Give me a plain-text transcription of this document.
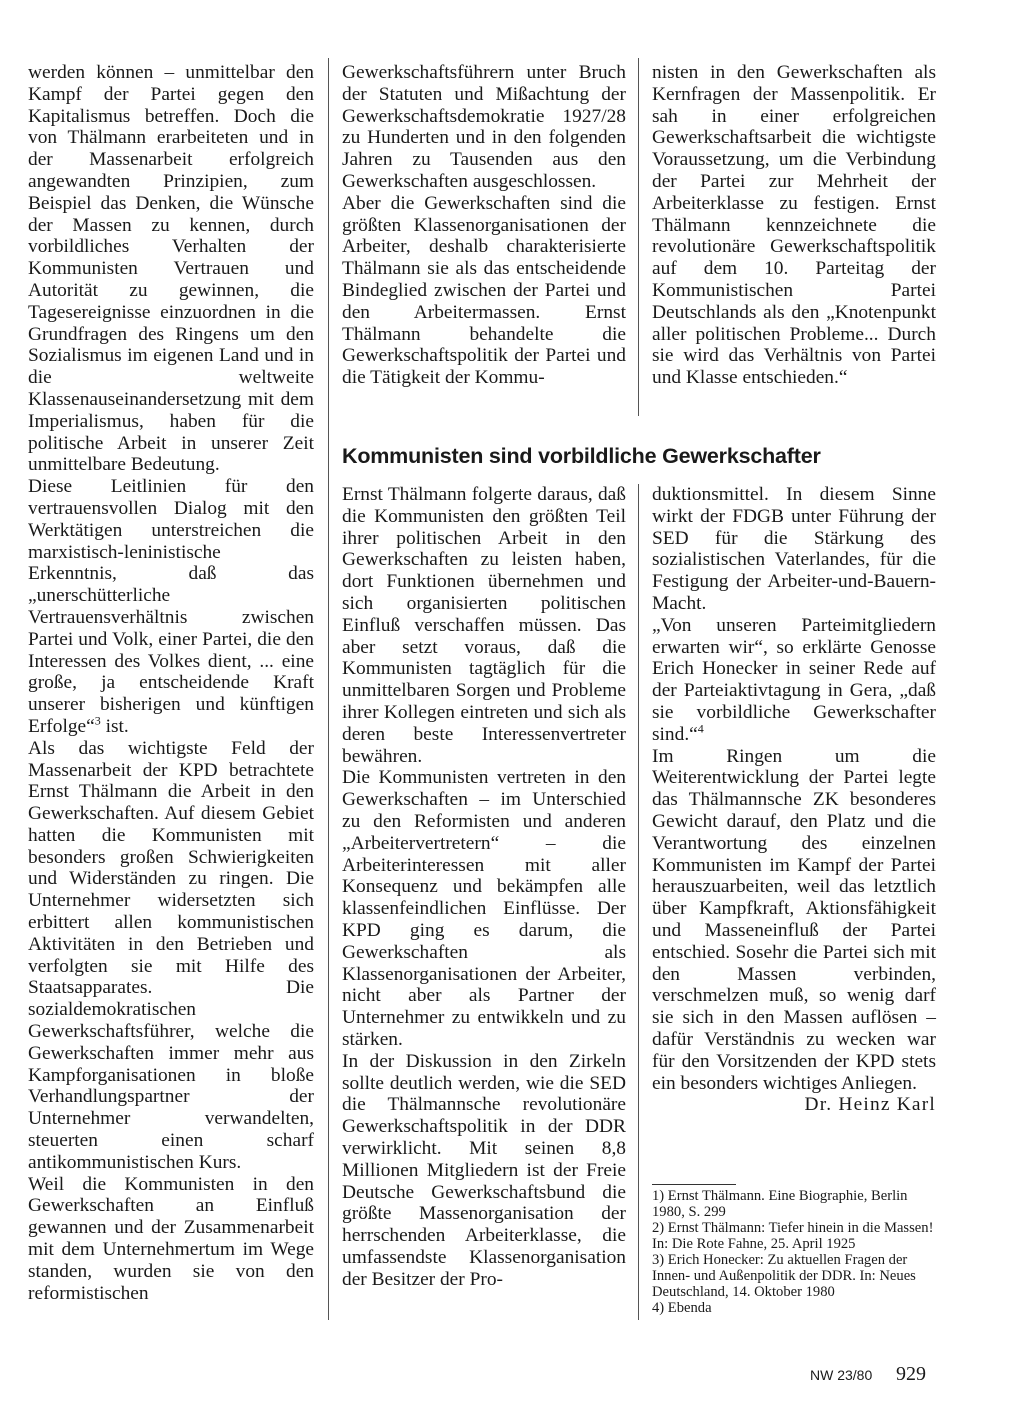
werden können – unmittelbar den Kampf der Partei gegen den Kapitalismus betreffen. Doch die von Thälmann erarbeiteten und in der Massenarbeit erfolgreich angewandten Prinzipien, zum Beispiel das Denken, die Wünsche der Massen zu kennen, durch vorbildliches Verhalten der Kommunisten Vertrauen und Autorität zu gewinnen, die Tagesereignisse einzuordnen in die Grundfragen des Ringens um den Sozialismus im eigenen Land und in die weltweite Klassenauseinandersetzung mit dem Imperialismus, haben für die politische Arbeit in unserer Zeit unmittelbare Bedeutung.

Diese Leitlinien für den vertrauensvollen Dialog mit den Werktätigen unterstreichen die marxistisch-leninistische Erkenntnis, daß das „unerschütterliche Vertrauensverhältnis zwischen Partei und Volk, einer Partei, die den Interessen des Volkes dient, ... eine große, ja entscheidende Kraft unserer bisherigen und künftigen Erfolge“$^3$ ist.

Als das wichtigste Feld der Massenarbeit der KPD betrachtete Ernst Thälmann die Arbeit in den Gewerkschaften. Auf diesem Gebiet hatten die Kommunisten mit besonders großen Schwierigkeiten und Widerständen zu ringen. Die Unternehmer widersetzten sich erbittert allen kommunistischen Aktivitäten in den Betrieben und verfolgten sie mit Hilfe des Staatsapparates. Die sozialdemokratischen Gewerkschaftsführer, welche die Gewerkschaften immer mehr aus Kampforganisationen in bloße Verhandlungspartner der Unternehmer verwandelten, steuerten einen scharf antikommunistischen Kurs.

Weil die Kommunisten in den Gewerkschaften an Einfluß gewannen und der Zusammenarbeit mit dem Unternehmertum im Wege standen, wurden sie von den reformistischen

Gewerkschaftsführern unter Bruch der Statuten und Mißachtung der Gewerkschaftsdemokratie 1927/28 zu Hunderten und in den folgenden Jahren zu Tausenden aus den Gewerkschaften ausgeschlossen.

Aber die Gewerkschaften sind die größten Klassenorganisationen der Arbeiter, deshalb charakterisierte Thälmann sie als das entscheidende Bindeglied zwischen der Partei und den Arbeitermassen. Ernst Thälmann behandelte die Gewerkschaftspolitik der Partei und die Tätigkeit der Kommu-

nisten in den Gewerkschaften als Kernfragen der Massenpolitik. Er sah in einer erfolgreichen Gewerkschaftsarbeit die wichtigste Voraussetzung, um die Verbindung der Partei zur Mehrheit der Arbeiterklasse zu festigen. Ernst Thälmann kennzeichnete die revolutionäre Gewerkschaftspolitik auf dem 10. Parteitag der Kommunistischen Partei Deutschlands als den „Knotenpunkt aller politischen Probleme... Durch sie wird das Verhältnis von Partei und Klasse entschieden.“

Kommunisten sind vorbildliche Gewerkschafter

Ernst Thälmann folgerte daraus, daß die Kommunisten den größten Teil ihrer politischen Arbeit in den Gewerkschaften zu leisten haben, dort Funktionen übernehmen und sich organisierten politischen Einfluß verschaffen müssen. Das aber setzt voraus, daß die Kommunisten tagtäglich für die unmittelbaren Sorgen und Probleme ihrer Kollegen eintreten und sich als deren beste Interessenvertreter bewähren.

Die Kommunisten vertreten in den Gewerkschaften – im Unterschied zu den Reformisten und anderen „Arbeitervertretern“ – die Arbeiterinteressen mit aller Konsequenz und bekämpfen alle klassenfeindlichen Einflüsse. Der KPD ging es darum, die Gewerkschaften als Klassenorganisationen der Arbeiter, nicht aber als Partner der Unternehmer zu entwikkeln und zu stärken.

In der Diskussion in den Zirkeln sollte deutlich werden, wie die SED die Thälmannsche revolutionäre Gewerkschaftspolitik in der DDR verwirklicht. Mit seinen 8,8 Millionen Mitgliedern ist der Freie Deutsche Gewerkschaftsbund die größte Massenorganisation der herrschenden Arbeiterklasse, die umfassendste Klassenorganisation der Besitzer der Pro-

duktionsmittel. In diesem Sinne wirkt der FDGB unter Führung der SED für die Stärkung des sozialistischen Vaterlandes, für die Festigung der Arbeiter-und-Bauern-Macht.

„Von unseren Parteimitgliedern erwarten wir“, so erklärte Genosse Erich Honecker in seiner Rede auf der Parteiaktivtagung in Gera, „daß sie vorbildliche Gewerkschafter sind.“$^4$

Im Ringen um die Weiterentwicklung der Partei legte das Thälmannsche ZK besonderes Gewicht darauf, den Platz und die Verantwortung des einzelnen Kommunisten im Kampf der Partei herauszuarbeiten, weil das letztlich über Kampfkraft, Aktionsfähigkeit und Masseneinfluß der Partei entschied. Sosehr die Partei sich mit den Massen verbinden, verschmelzen muß, so wenig darf sie sich in den Massen auflösen – dafür Verständnis zu wecken war für den Vorsitzenden der KPD stets ein besonders wichtiges Anliegen.

Dr. Heinz Karl

1) Ernst Thälmann. Eine Biographie, Berlin 1980, S. 299

2) Ernst Thälmann: Tiefer hinein in die Massen! In: Die Rote Fahne, 25. April 1925

3) Erich Honecker: Zu aktuellen Fragen der Innen- und Außenpolitik der DDR. In: Neues Deutschland, 14. Oktober 1980

4) Ebenda

NW 23/80 929
